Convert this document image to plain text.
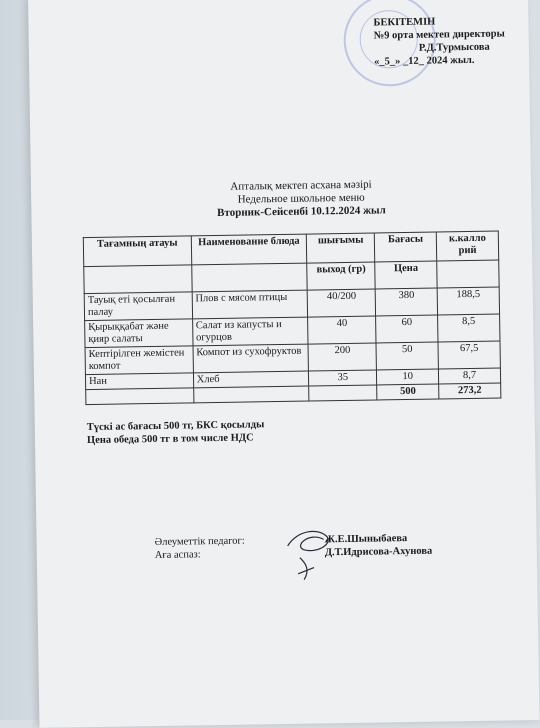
БЕКІТЕМІН
№9 орта мектеп директоры
Р.Д.Турмысова
«_5_» _12_ 2024 жыл.
Апталық мектеп асхана мәзірі
Недельное школьное меню
Вторник-Сейсенбі 10.12.2024 жыл
Тағамның атауы	Наименование блюда	шығымы	Бағасы	к.калло рий
		выход (гр)	Цена	
Тауық еті қосылған палау	Плов с мясом птицы	40/200	380	188,5
Қырыққабат және қияр салаты	Салат из капусты и огурцов	40	60	8,5
Кептірілген жемістен компот	Компот из сухофруктов	200	50	67,5
Нан	Хлеб	35	10	8,7
			500	273,2
Түскі ас бағасы 500 тг, БКС қосылды
Цена обеда 500 тг в том числе НДС
Әлеуметтік педагог:	Ж.Е.Шыныбаева
Аға аспаз:	Д.Т.Идрисова-Ахунова
